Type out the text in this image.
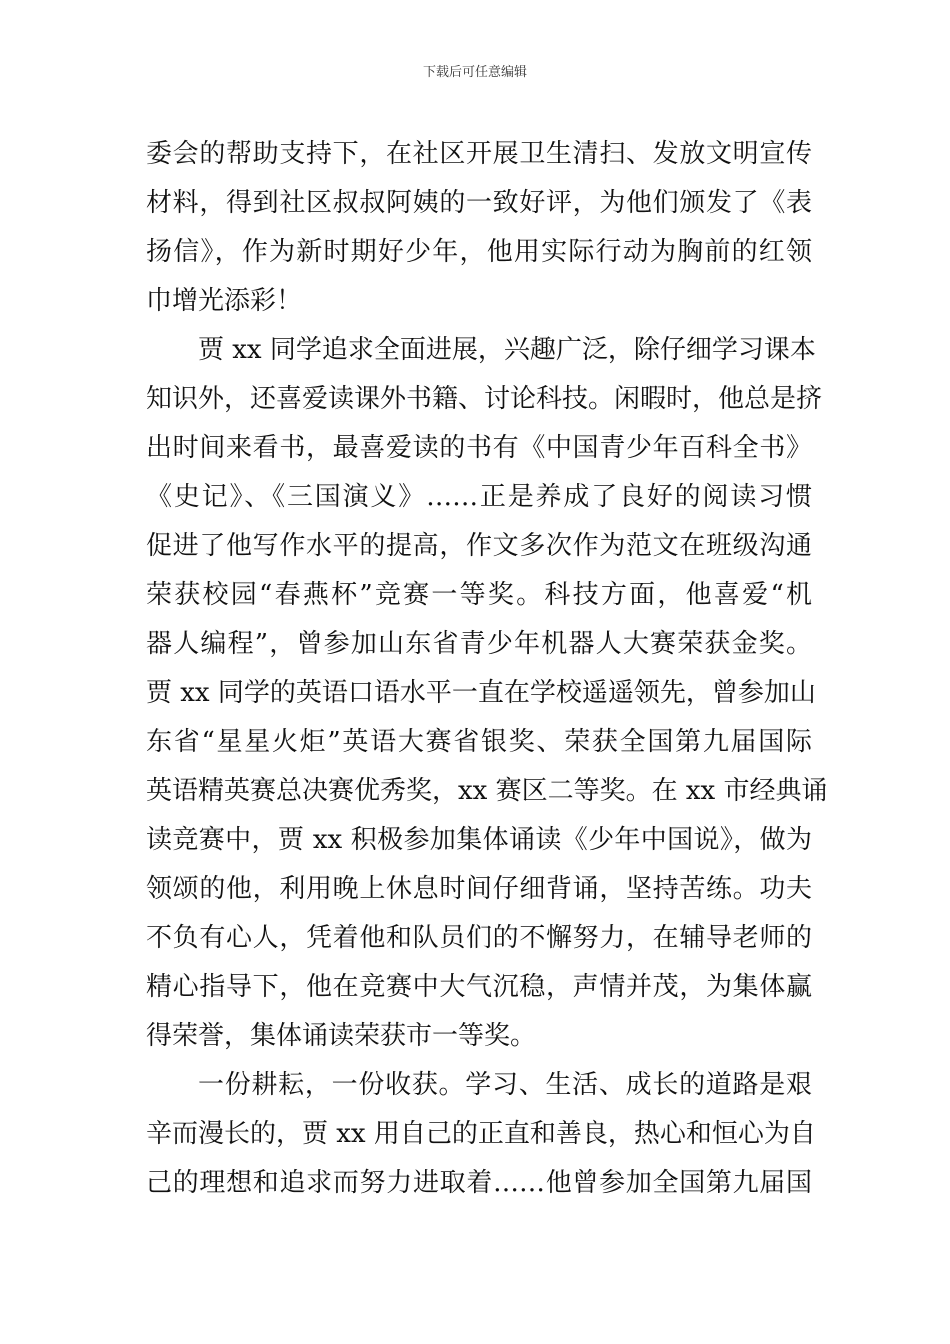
下载后可任意编辑
委会的帮助支持下，在社区开展卫生清扫、发放文明宣传
材料，得到社区叔叔阿姨的一致好评，为他们颁发了《表
扬信》，作为新时期好少年，他用实际行动为胸前的红领
巾增光添彩！
贾 xx 同学追求全面进展，兴趣广泛，除仔细学习课本
知识外，还喜爱读课外书籍、讨论科技。闲暇时，他总是挤
出时间来看书，最喜爱读的书有《中国青少年百科全书》
《史记》、《三国演义》……正是养成了良好的阅读习惯
促进了他写作水平的提高，作文多次作为范文在班级沟通
荣获校园“春燕杯”竞赛一等奖。科技方面，他喜爱“机
器人编程”，曾参加山东省青少年机器人大赛荣获金奖。
贾 xx 同学的英语口语水平一直在学校遥遥领先，曾参加山
东省“星星火炬”英语大赛省银奖、荣获全国第九届国际
英语精英赛总决赛优秀奖，xx 赛区二等奖。在 xx 市经典诵
读竞赛中，贾 xx 积极参加集体诵读《少年中国说》，做为
领颂的他，利用晚上休息时间仔细背诵，坚持苦练。功夫
不负有心人，凭着他和队员们的不懈努力，在辅导老师的
精心指导下，他在竞赛中大气沉稳，声情并茂，为集体赢
得荣誉，集体诵读荣获市一等奖。
一份耕耘，一份收获。学习、生活、成长的道路是艰
辛而漫长的，贾 xx 用自己的正直和善良，热心和恒心为自
己的理想和追求而努力进取着……他曾参加全国第九届国
